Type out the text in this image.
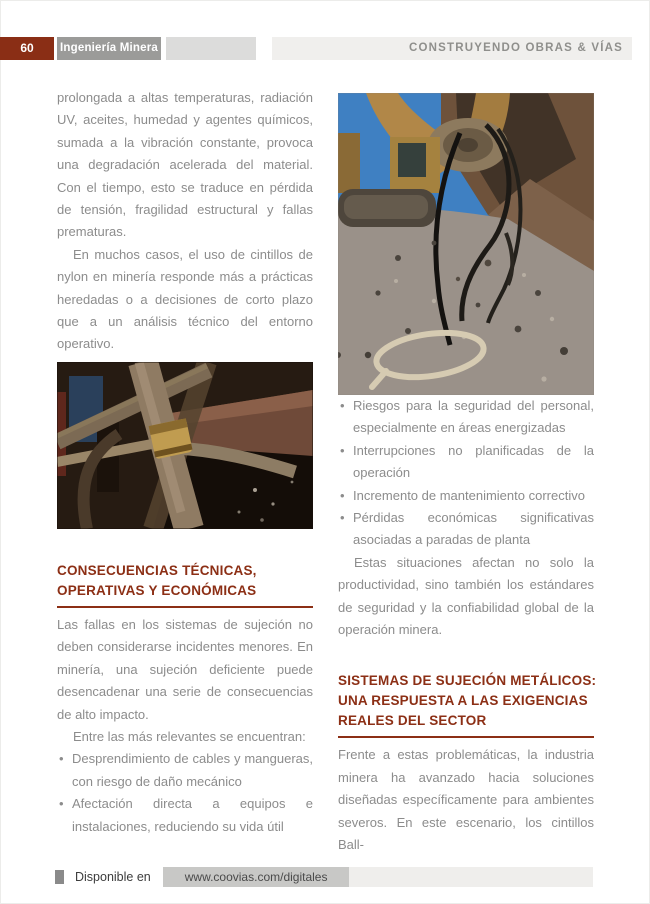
60	Ingeniería Minera	CONSTRUYENDO OBRAS & VÍAS

prolongada a altas temperaturas, radiación UV, aceites, humedad y agentes químicos, sumada a la vibración constante, provoca una degradación acelerada del material. Con el tiempo, esto se traduce en pérdida de tensión, fragilidad estructural y fallas prematuras.

En muchos casos, el uso de cintillos de nylon en minería responde más a prácticas heredadas o a decisiones de corto plazo que a un análisis técnico del entorno operativo.

CONSECUENCIAS TÉCNICAS,
OPERATIVAS Y ECONÓMICAS

Las fallas en los sistemas de sujeción no deben considerarse incidentes menores. En minería, una sujeción deficiente puede desencadenar una serie de consecuencias de alto impacto.

Entre las más relevantes se encuentran:

• Desprendimiento de cables y mangueras, con riesgo de daño mecánico
• Afectación directa a equipos e instalaciones, reduciendo su vida útil
• Riesgos para la seguridad del personal, especialmente en áreas energizadas
• Interrupciones no planificadas de la operación
• Incremento de mantenimiento correctivo
• Pérdidas económicas significativas asociadas a paradas de planta

Estas situaciones afectan no solo la productividad, sino también los estándares de seguridad y la confiabilidad global de la operación minera.

SISTEMAS DE SUJECIÓN METÁLICOS:
UNA RESPUESTA A LAS EXIGENCIAS
REALES DEL SECTOR

Frente a estas problemáticas, la industria minera ha avanzado hacia soluciones diseñadas específicamente para ambientes severos. En este escenario, los cintillos Ball-

Disponible en	www.coovias.com/digitales
